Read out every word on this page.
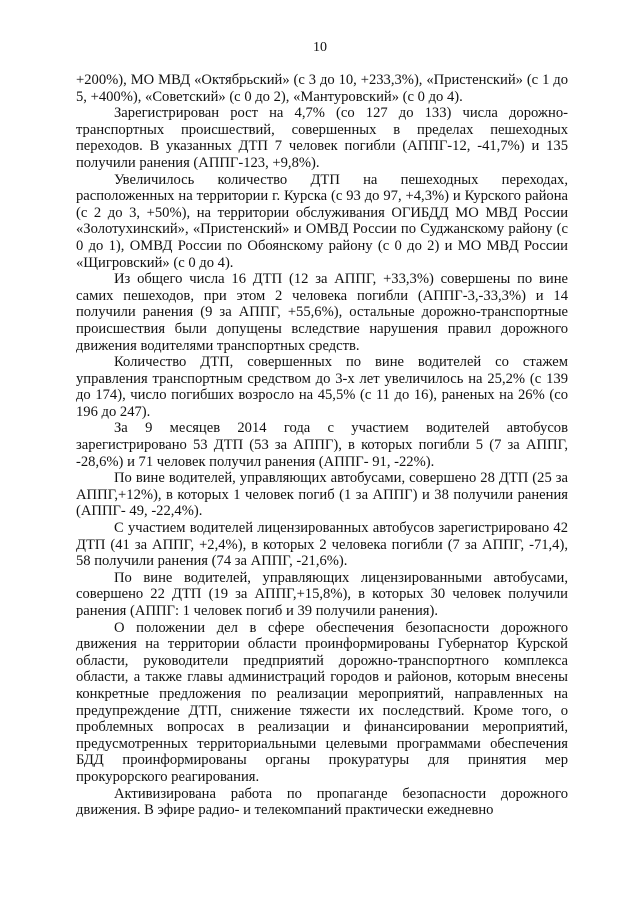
10

+200%), МО МВД «Октябрьский» (с 3 до 10, +233,3%), «Пристенский» (с 1 до 5, +400%), «Советский» (с 0 до 2), «Мантуровский» (с 0 до 4).

Зарегистрирован рост на 4,7% (со 127 до 133) числа дорожно-транспортных происшествий, совершенных в пределах пешеходных переходов. В указанных ДТП 7 человек погибли (АППГ-12, -41,7%) и 135 получили ранения (АППГ-123, +9,8%).

Увеличилось количество ДТП на пешеходных переходах, расположенных на территории г. Курска (с 93 до 97, +4,3%) и Курского района (с 2 до 3, +50%), на территории обслуживания ОГИБДД МО МВД России «Золотухинский», «Пристенский» и ОМВД России по Суджанскому району (с 0 до 1), ОМВД России по Обоянскому району (с 0 до 2) и МО МВД России «Щигровский» (с 0 до 4).

Из общего числа 16 ДТП (12 за АППГ, +33,3%) совершены по вине самих пешеходов, при этом 2 человека погибли (АППГ-3,-33,3%) и 14 получили ранения (9 за АППГ, +55,6%), остальные дорожно-транспортные происшествия были допущены вследствие нарушения правил дорожного движения водителями транспортных средств.

Количество ДТП, совершенных по вине водителей со стажем управления транспортным средством до 3-х лет увеличилось на 25,2% (с 139 до 174), число погибших возросло на 45,5% (с 11 до 16), раненых на 26% (со 196 до 247).

За 9 месяцев 2014 года с участием водителей автобусов зарегистрировано 53 ДТП (53 за АППГ), в которых погибли 5 (7 за АППГ, -28,6%) и 71 человек получил ранения (АППГ- 91, -22%).

По вине водителей, управляющих автобусами, совершено 28 ДТП (25 за АППГ,+12%), в которых 1 человек погиб (1 за АППГ) и 38 получили ранения (АППГ- 49, -22,4%).

С участием водителей лицензированных автобусов зарегистрировано 42 ДТП (41 за АППГ, +2,4%), в которых 2 человека погибли (7 за АППГ, -71,4), 58 получили ранения (74 за АППГ, -21,6%).

По вине водителей, управляющих лицензированными автобусами, совершено 22 ДТП (19 за АППГ,+15,8%), в которых 30 человек получили ранения (АППГ: 1 человек погиб и 39 получили ранения).

О положении дел в сфере обеспечения безопасности дорожного движения на территории области проинформированы Губернатор Курской области, руководители предприятий дорожно-транспортного комплекса области, а также главы администраций городов и районов, которым внесены конкретные предложения по реализации мероприятий, направленных на предупреждение ДТП, снижение тяжести их последствий. Кроме того, о проблемных вопросах в реализации и финансировании мероприятий, предусмотренных территориальными целевыми программами обеспечения БДД проинформированы органы прокуратуры для принятия мер прокурорского реагирования.

Активизирована работа по пропаганде безопасности дорожного движения. В эфире радио- и телекомпаний практически ежедневно
